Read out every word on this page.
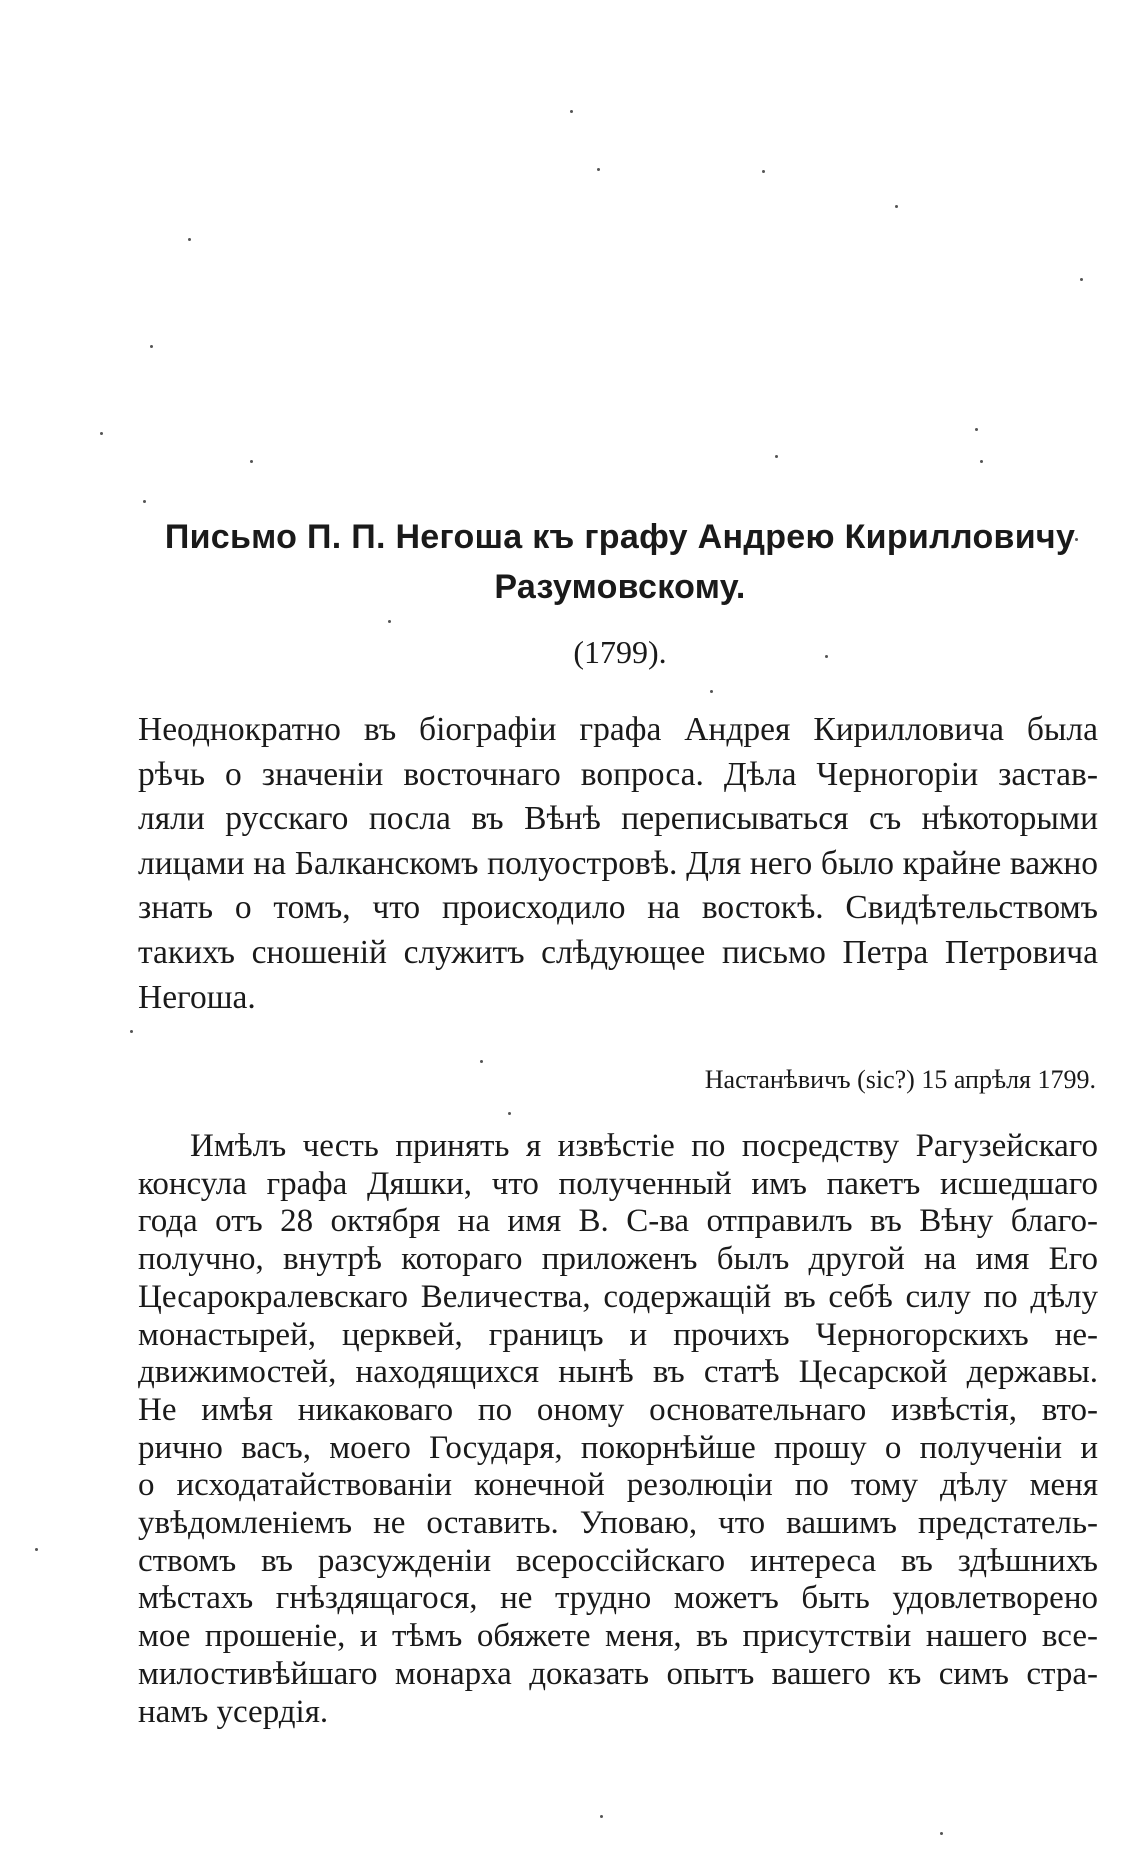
Письмо П. П. Негоша къ графу Андрею Кирилловичу
Разумовскому.
(1799).
Неоднократно въ біографіи графа Андрея Кирилловича была
рѣчь о значеніи восточнаго вопроса. Дѣла Черногоріи застав-
ляли русскаго посла въ Вѣнѣ переписываться съ нѣкоторыми
лицами на Балканскомъ полуостровѣ. Для него было крайне важно
знать о томъ, что происходило на востокѣ. Свидѣтельствомъ
такихъ сношеній служитъ слѣдующее письмо Петра Петровича
Негоша.
Настанѣвичъ (sic?) 15 апрѣля 1799.
Имѣлъ честь принять я извѣстіе по посредству Рагузейскаго
консула графа Дяшки, что полученный имъ пакетъ исшедшаго
года отъ 28 октября на имя В. С-ва отправилъ въ Вѣну благо-
получно, внутрѣ котораго приложенъ былъ другой на имя Его
Цесарокралевскаго Величества, содержащій въ себѣ силу по дѣлу
монастырей, церквей, границъ и прочихъ Черногорскихъ не-
движимостей, находящихся нынѣ въ статѣ Цесарской державы.
Не имѣя никаковаго по оному основательнаго извѣстія, вто-
рично васъ, моего Государя, покорнѣйше прошу о полученіи и
о исходатайствованіи конечной резолюціи по тому дѣлу меня
увѣдомленіемъ не оставить. Уповаю, что вашимъ предстатель-
ствомъ въ разсужденіи всероссійскаго интереса въ здѣшнихъ
мѣстахъ гнѣздящагося, не трудно можетъ быть удовлетворено
мое прошеніе, и тѣмъ обяжете меня, въ присутствіи нашего все-
милостивѣйшаго монарха доказать опытъ вашего къ симъ стра-
намъ усердія.
